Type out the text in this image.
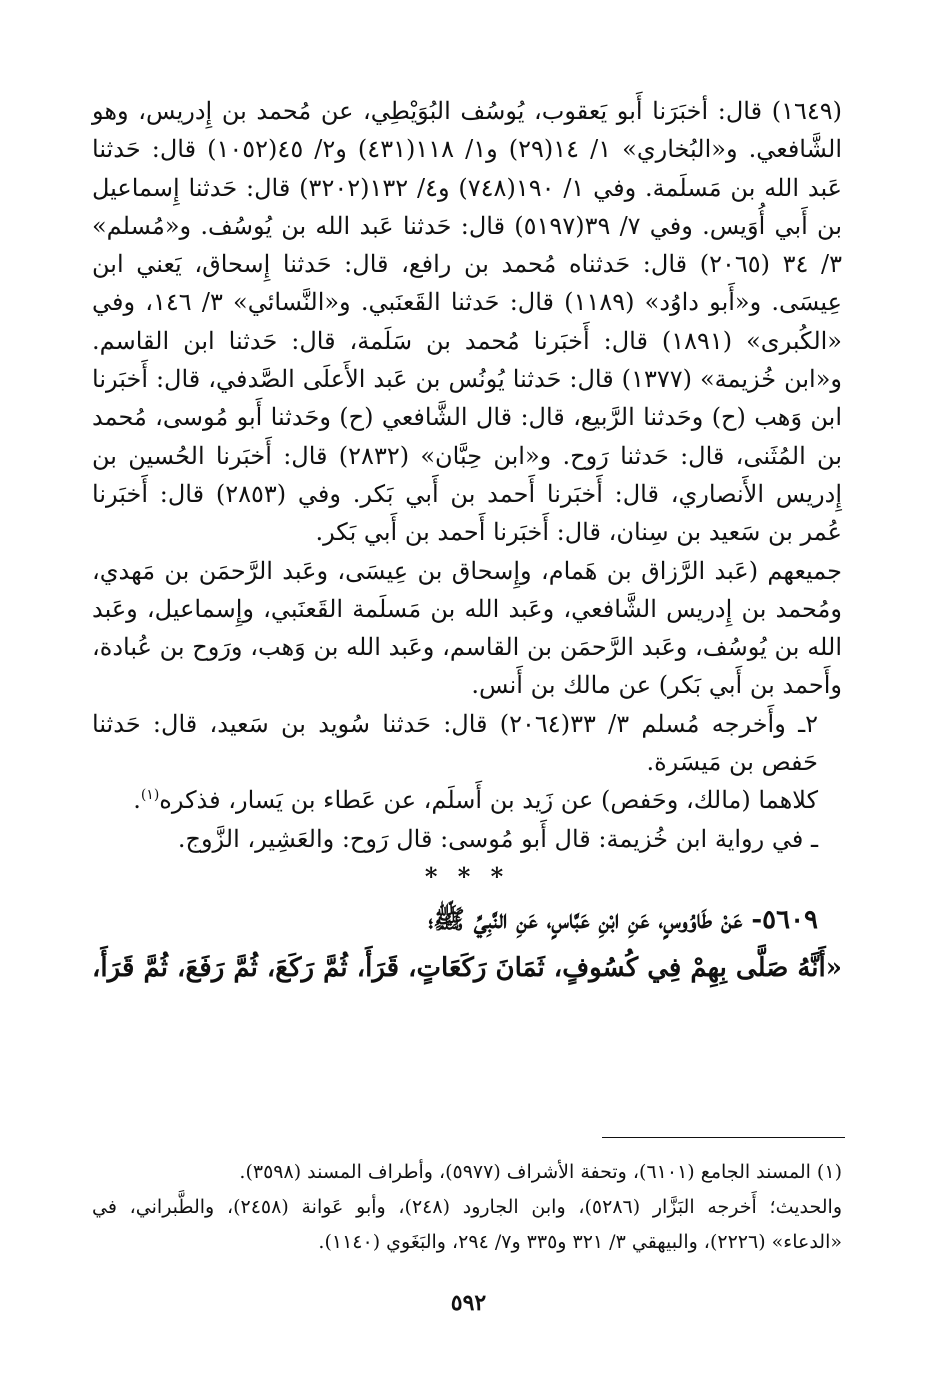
(١٦٤٩) قال: أخبَرَنا أَبو يَعقوب، يُوسُف البُوَيْطِي، عن مُحمد بن إِدريس، وهو الشَّافعي. و«البُخاري» ١/ ١٤(٢٩) و١/ ١١٨(٤٣١) و٢/ ٤٥(١٠٥٢) قال: حَدثنا عَبد الله بن مَسلَمة. وفي ١/ ١٩٠(٧٤٨) و٤/ ١٣٢(٣٢٠٢) قال: حَدثنا إِسماعيل بن أَبي أُوَيس. وفي ٧/ ٣٩(٥١٩٧) قال: حَدثنا عَبد الله بن يُوسُف. و«مُسلم» ٣/ ٣٤ (٢٠٦٥) قال: حَدثناه مُحمد بن رافع، قال: حَدثنا إِسحاق، يَعني ابن عِيسَى. و«أَبو داوُد» (١١٨٩) قال: حَدثنا القَعنَبي. و«النَّسائي» ٣/ ١٤٦، وفي «الكُبرى» (١٨٩١) قال: أَخبَرنا مُحمد بن سَلَمة، قال: حَدثنا ابن القاسم. و«ابن خُزيمة» (١٣٧٧) قال: حَدثنا يُونُس بن عَبد الأَعلَى الصَّدفي، قال: أَخبَرنا ابن وَهب (ح) وحَدثنا الرَّبيع، قال: قال الشَّافعي (ح) وحَدثنا أَبو مُوسى، مُحمد بن المُثَنى، قال: حَدثنا رَوح. و«ابن حِبَّان» (٢٨٣٢) قال: أَخبَرنا الحُسين بن إِدريس الأَنصاري، قال: أَخبَرنا أَحمد بن أَبي بَكر. وفي (٢٨٥٣) قال: أَخبَرنا عُمر بن سَعيد بن سِنان، قال: أَخبَرنا أَحمد بن أَبي بَكر.

جميعهم (عَبد الرَّزاق بن هَمام، وإِسحاق بن عِيسَى، وعَبد الرَّحمَن بن مَهدي، ومُحمد بن إِدريس الشَّافعي، وعَبد الله بن مَسلَمة القَعنَبي، وإِسماعيل، وعَبد الله بن يُوسُف، وعَبد الرَّحمَن بن القاسم، وعَبد الله بن وَهب، ورَوح بن عُبادة، وأَحمد بن أَبي بَكر) عن مالك بن أَنس.

٢ـ وأَخرجه مُسلم ٣/ ٣٣(٢٠٦٤) قال: حَدثنا سُويد بن سَعيد، قال: حَدثنا حَفص بن مَيسَرة.

كلاهما (مالك، وحَفص) عن زَيد بن أَسلَم، عن عَطاء بن يَسار، فذكره$^{(١)}$.

ـ في رواية ابن خُزيمة: قال أَبو مُوسى: قال رَوح: والعَشِير، الزَّوج.

* * *

٥٦٠٩- عَنْ طَاوُوسٍ، عَنِ ابْنِ عَبَّاسٍ، عَنِ النَّبِيِّ ﷺ؛
«أَنَّهُ صَلَّى بِهِمْ فِي كُسُوفٍ، ثَمَانَ رَكَعَاتٍ، قَرَأَ، ثُمَّ رَكَعَ، ثُمَّ رَفَعَ، ثُمَّ قَرَأَ،

(١) المسند الجامع (٦١٠١)، وتحفة الأشراف (٥٩٧٧)، وأطراف المسند (٣٥٩٨).

والحديث؛ أَخرجه البَزَّار (٥٢٨٦)، وابن الجارود (٢٤٨)، وأبو عَوانة (٢٤٥٨)، والطَّبراني، في «الدعاء» (٢٢٢٦)، والبيهقي ٣/ ٣٢١ و٣٣٥ و٧/ ٢٩٤، والبَغَوي (١١٤٠).

٥٩٢
